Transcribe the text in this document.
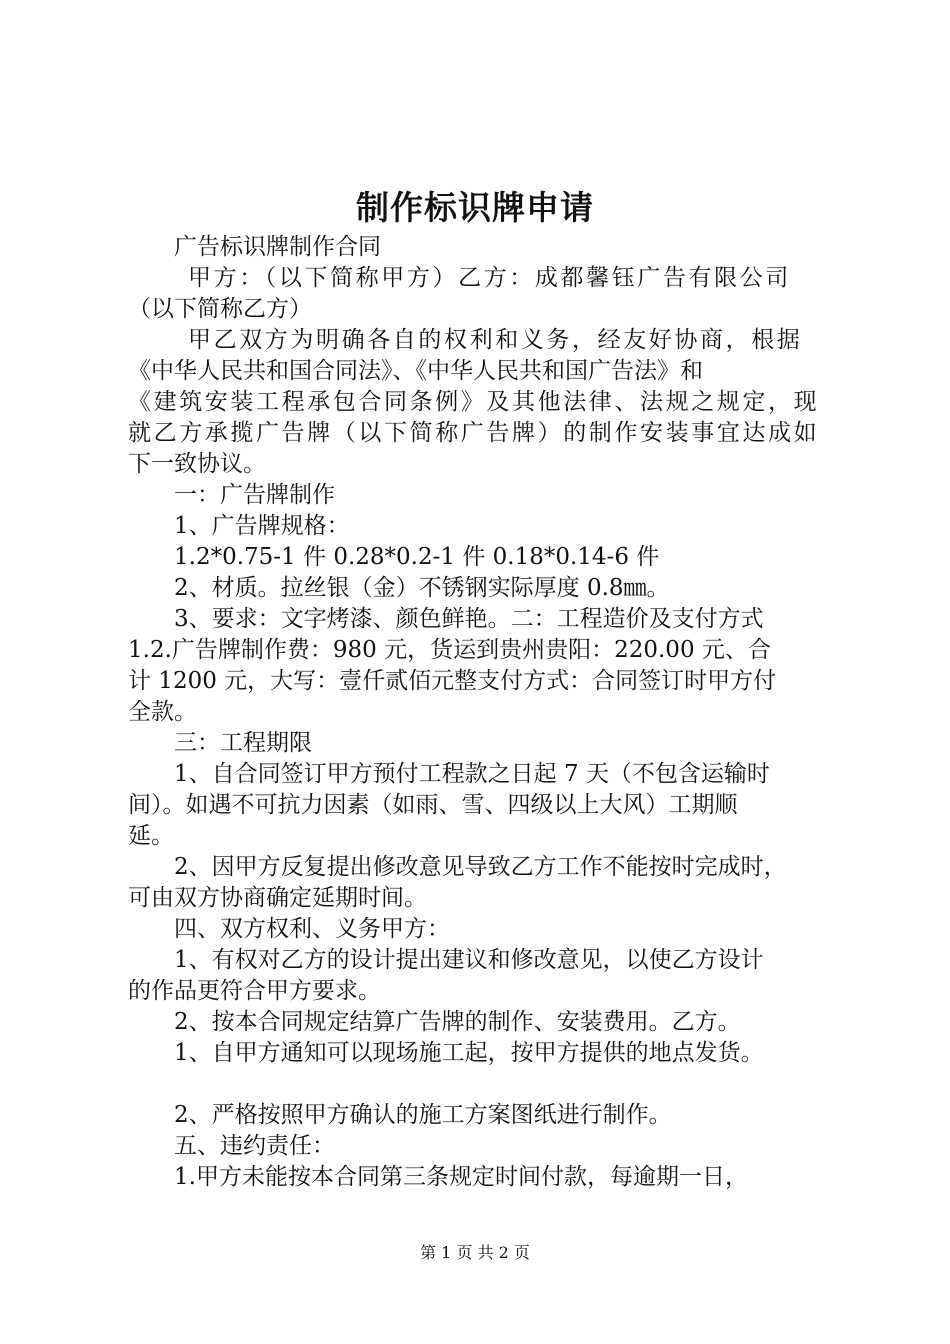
制作标识牌申请
广告标识牌制作合同
甲方：（以下简称甲方）乙方：成都馨钰广告有限公司
（以下简称乙方）
甲乙双方为明确各自的权利和义务，经友好协商，根据
《中华人民共和国合同法》、《中华人民共和国广告法》和
《建筑安装工程承包合同条例》及其他法律、法规之规定，现
就乙方承揽广告牌（以下简称广告牌）的制作安装事宜达成如
下一致协议。
一：广告牌制作
1、广告牌规格：
1.2*0.75-1 件 0.28*0.2-1 件 0.18*0.14-6 件
2、材质。拉丝银（金）不锈钢实际厚度 0.8㎜。
3、要求：文字烤漆、颜色鲜艳。二：工程造价及支付方式
1.2.广告牌制作费：980 元，货运到贵州贵阳：220.00 元、合
计 1200 元，大写：壹仟贰佰元整支付方式：合同签订时甲方付
全款。
三：工程期限
1、自合同签订甲方预付工程款之日起 7 天（不包含运输时
间）。如遇不可抗力因素（如雨、雪、四级以上大风）工期顺
延。
2、因甲方反复提出修改意见导致乙方工作不能按时完成时，
可由双方协商确定延期时间。
四、双方权利、义务甲方：
1、有权对乙方的设计提出建议和修改意见，以使乙方设计
的作品更符合甲方要求。
2、按本合同规定结算广告牌的制作、安装费用。乙方。
1、自甲方通知可以现场施工起，按甲方提供的地点发货。
2、严格按照甲方确认的施工方案图纸进行制作。
五、违约责任：
1.甲方未能按本合同第三条规定时间付款，每逾期一日，
第 1 页 共 2 页
